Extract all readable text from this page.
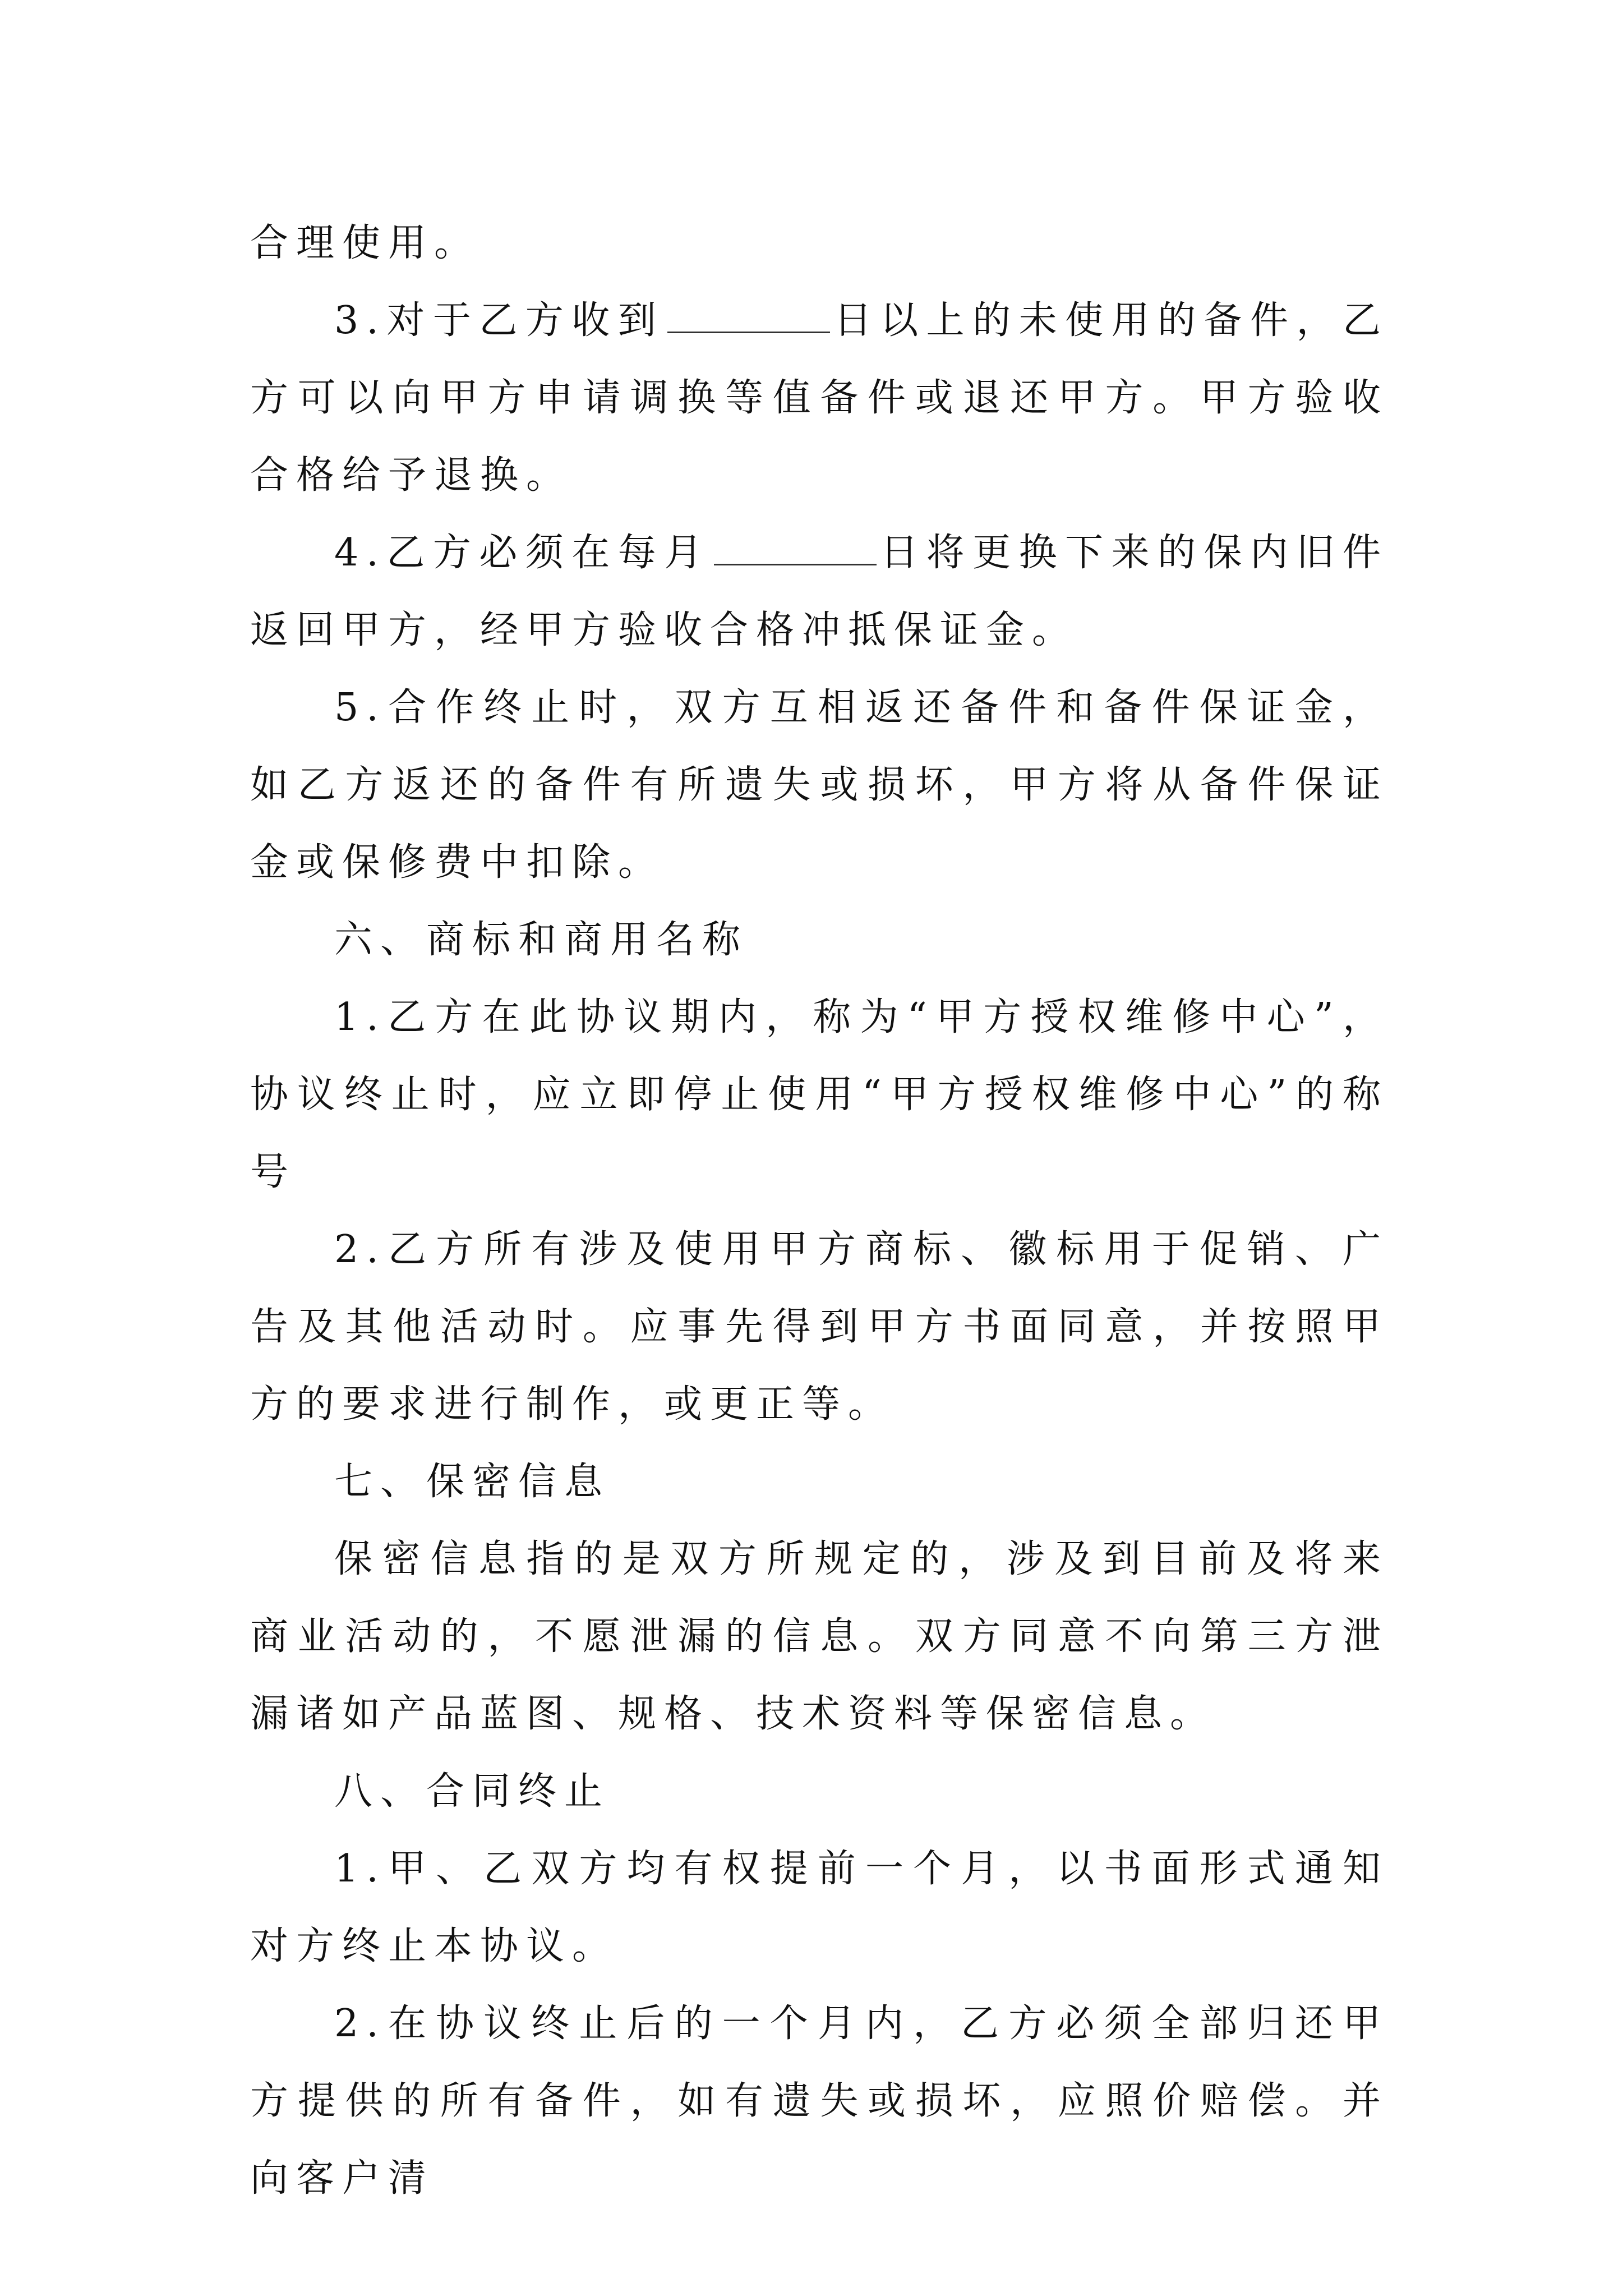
合理使用。

3.对于乙方收到	日以上的未使用的备件，乙方可以向甲方申请调换等值备件或退还甲方。甲方验收合格给予退换。

4.乙方必须在每月	日将更换下来的保内旧件返回甲方，经甲方验收合格冲抵保证金。

5.合作终止时，双方互相返还备件和备件保证金，如乙方返还的备件有所遗失或损坏，甲方将从备件保证金或保修费中扣除。

六、商标和商用名称

1.乙方在此协议期内，称为“甲方授权维修中心”，协议终止时，应立即停止使用“甲方授权维修中心”的称号

2.乙方所有涉及使用甲方商标、徽标用于促销、广告及其他活动时。应事先得到甲方书面同意，并按照甲方的要求进行制作，或更正等。

七、保密信息

保密信息指的是双方所规定的，涉及到目前及将来商业活动的，不愿泄漏的信息。双方同意不向第三方泄漏诸如产品蓝图、规格、技术资料等保密信息。

八、合同终止

1.甲、乙双方均有权提前一个月，以书面形式通知对方终止本协议。

2.在协议终止后的一个月内，乙方必须全部归还甲方提供的所有备件，如有遗失或损坏，应照价赔偿。并向客户清
